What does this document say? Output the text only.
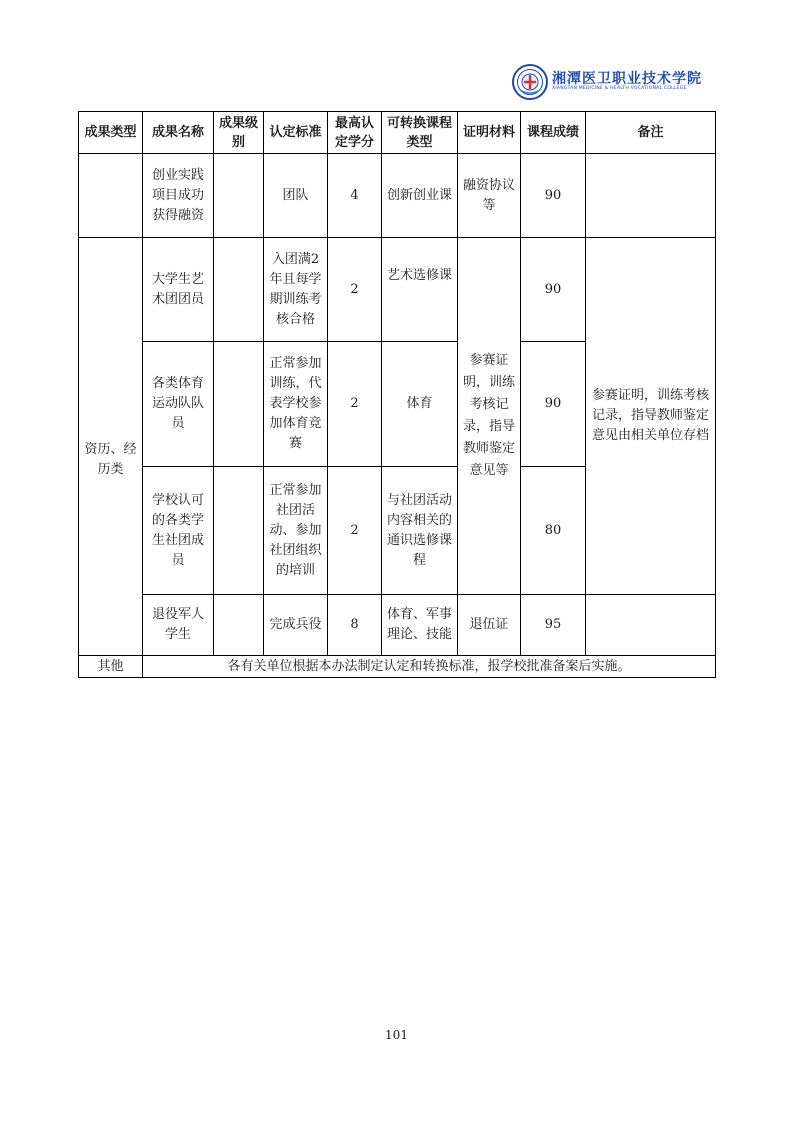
湘潭医卫职业技术学院
XIANGTAN MEDICINE & HEALTH VOCATIONAL COLLEGE
成果类型	成果名称	成果级别	认定标准	最高认定学分	可转换课程类型	证明材料	课程成绩	备注

	创业实践项目成功获得融资		团队	4	创新创业课	融资协议等	90	
资历、经历类	大学生艺术团团员		入团满2年且每学期训练考核合格	2	艺术选修课	参赛证明，训练考核记录，指导教师鉴定意见等	90	参赛证明，训练考核记录，指导教师鉴定意见由相关单位存档
	各类体育运动队队员		正常参加训练，代表学校参加体育竞赛	2	体育		90	
	学校认可的各类学生社团成员		正常参加社团活动、参加社团组织的培训	2	与社团活动内容相关的通识选修课程		80	
	退役军人学生		完成兵役	8	体育、军事理论、技能	退伍证	95	
其他	各有关单位根据本办法制定认定和转换标准，报学校批准备案后实施。							
101
